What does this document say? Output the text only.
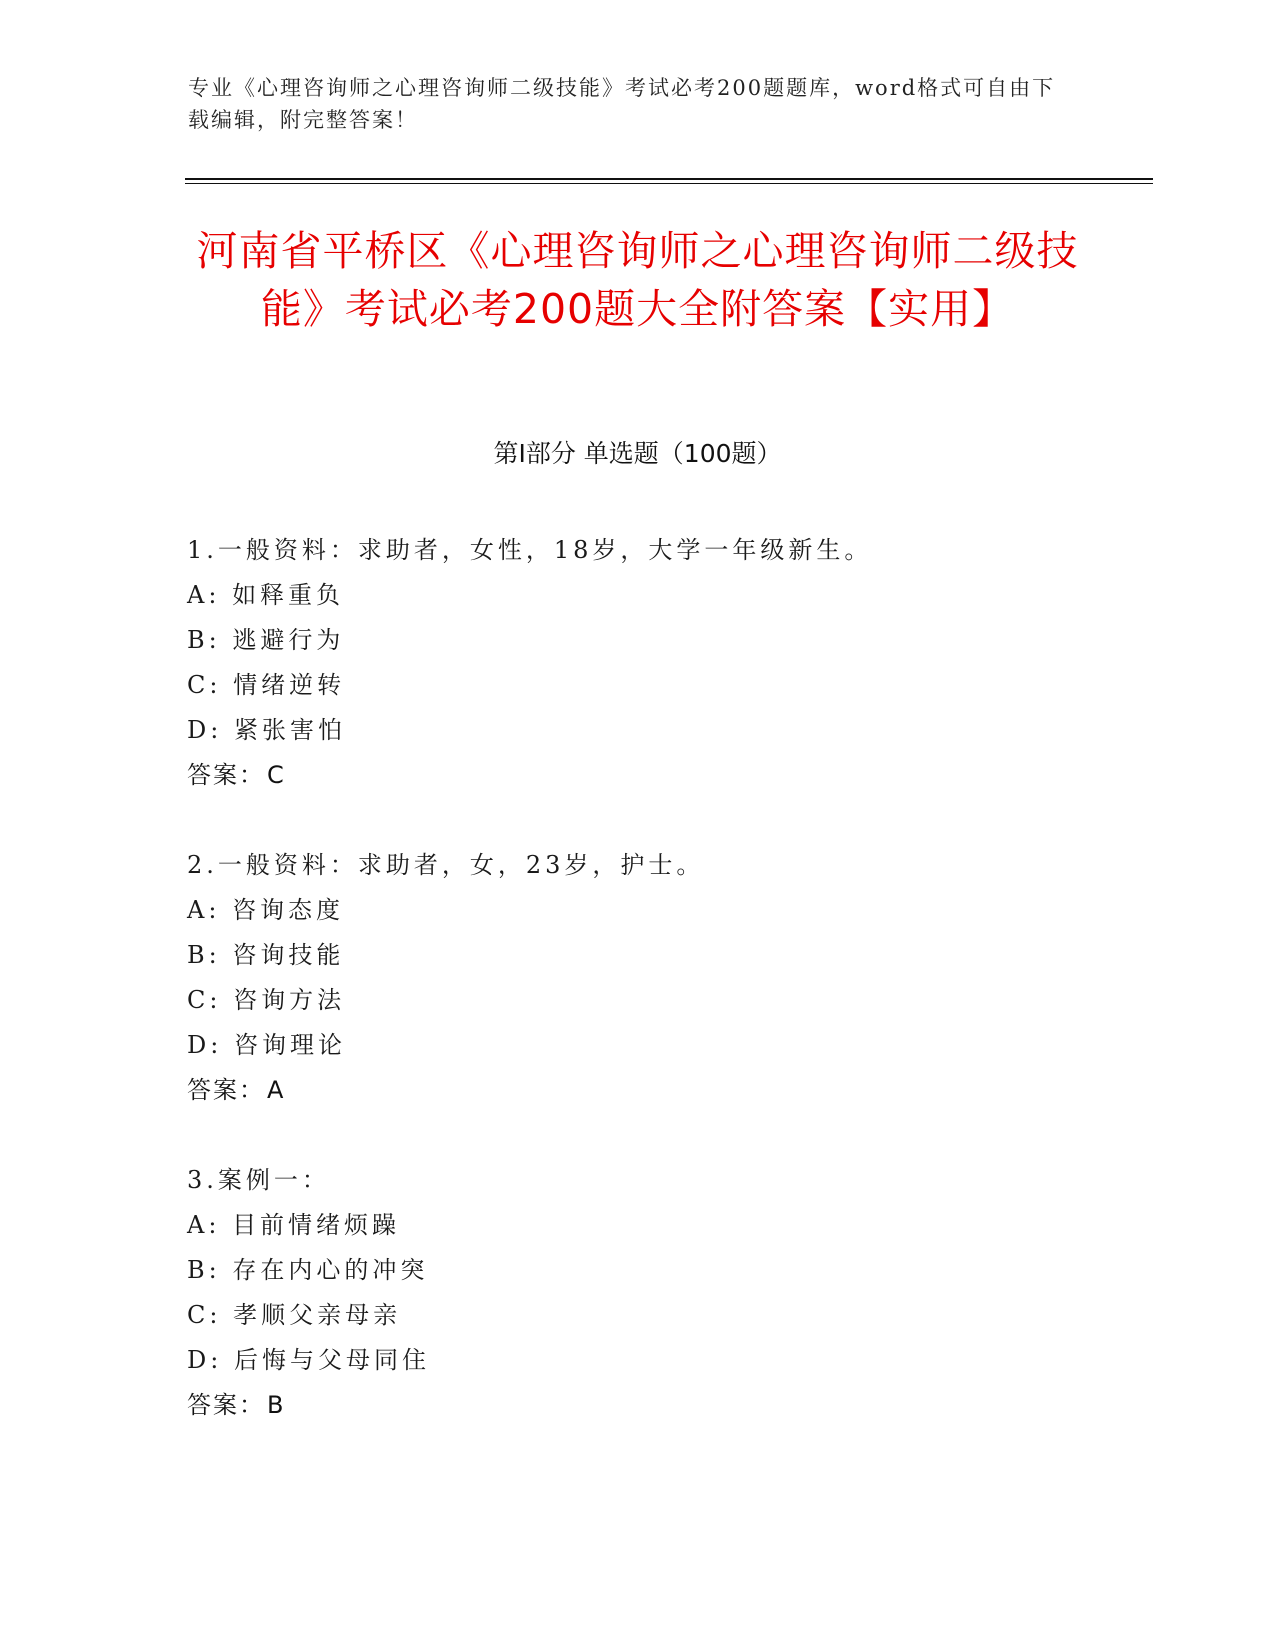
专业《心理咨询师之心理咨询师二级技能》考试必考200题题库，word格式可自由下载编辑，附完整答案！
河南省平桥区《心理咨询师之心理咨询师二级技能》考试必考200题大全附答案【实用】
第I部分 单选题（100题）
1.一般资料：求助者，女性，18岁，大学一年级新生。
A: 如释重负
B: 逃避行为
C: 情绪逆转
D: 紧张害怕
答案：C
2.一般资料：求助者，女，23岁，护士。
A: 咨询态度
B: 咨询技能
C: 咨询方法
D: 咨询理论
答案：A
3.案例一：
A: 目前情绪烦躁
B: 存在内心的冲突
C: 孝顺父亲母亲
D: 后悔与父母同住
答案：B
